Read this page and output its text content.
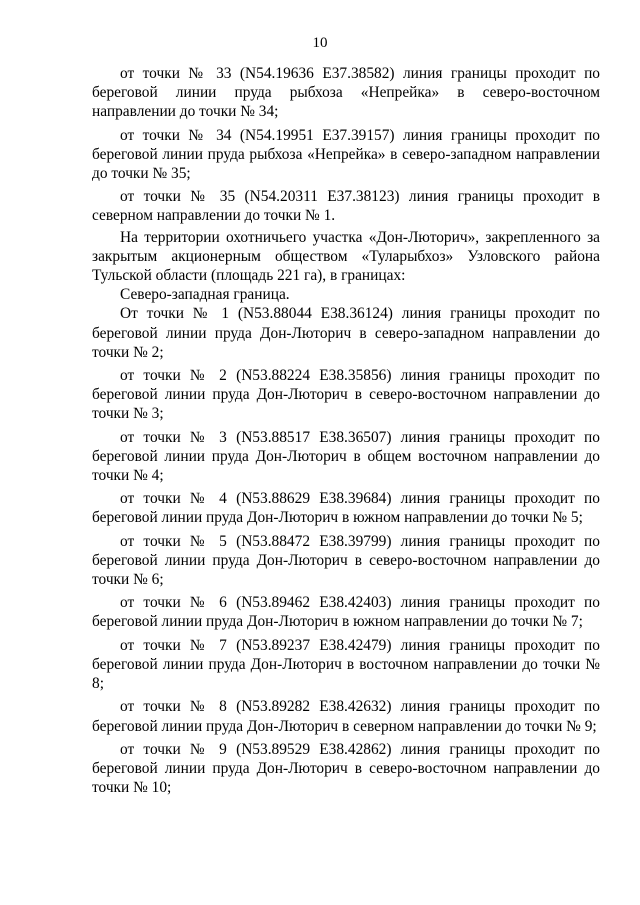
10

от точки № 33 (N54.19636 E37.38582) линия границы проходит по береговой линии пруда рыбхоза «Непрейка» в северо-восточном направлении до точки № 34;

от точки № 34 (N54.19951 E37.39157) линия границы проходит по береговой линии пруда рыбхоза «Непрейка» в северо-западном направлении до точки № 35;

от точки № 35 (N54.20311 E37.38123) линия границы проходит в северном направлении до точки № 1.

На территории охотничьего участка «Дон-Лютоpич», закрепленного за закрытым акционерным обществом «Туларыбхоз» Узловского района Тульской области (площадь 221 га), в границах:

Северо-западная граница.

От точки № 1 (N53.88044 E38.36124) линия границы проходит по береговой линии пруда Дон-Лютоpич в северо-западном направлении до точки № 2;

от точки № 2 (N53.88224 E38.35856) линия границы проходит по береговой линии пруда Дон-Лютоpич в северо-восточном направлении до точки № 3;

от точки № 3 (N53.88517 E38.36507) линия границы проходит по береговой линии пруда Дон-Лютоpич в общем восточном направлении до точки № 4;

от точки № 4 (N53.88629 E38.39684) линия границы проходит по береговой линии пруда Дон-Лютоpич в южном направлении до точки № 5;

от точки № 5 (N53.88472 E38.39799) линия границы проходит по береговой линии пруда Дон-Лютоpич в северо-восточном направлении до точки № 6;

от точки № 6 (N53.89462 E38.42403) линия границы проходит по береговой линии пруда Дон-Лютоpич в южном направлении до точки № 7;

от точки № 7 (N53.89237 E38.42479) линия границы проходит по береговой линии пруда Дон-Лютоpич в восточном направлении до точки № 8;

от точки № 8 (N53.89282 E38.42632) линия границы проходит по береговой линии пруда Дон-Лютоpич в северном направлении до точки № 9;

от точки № 9 (N53.89529 E38.42862) линия границы проходит по береговой линии пруда Дон-Лютоpич в северо-восточном направлении до точки № 10;
